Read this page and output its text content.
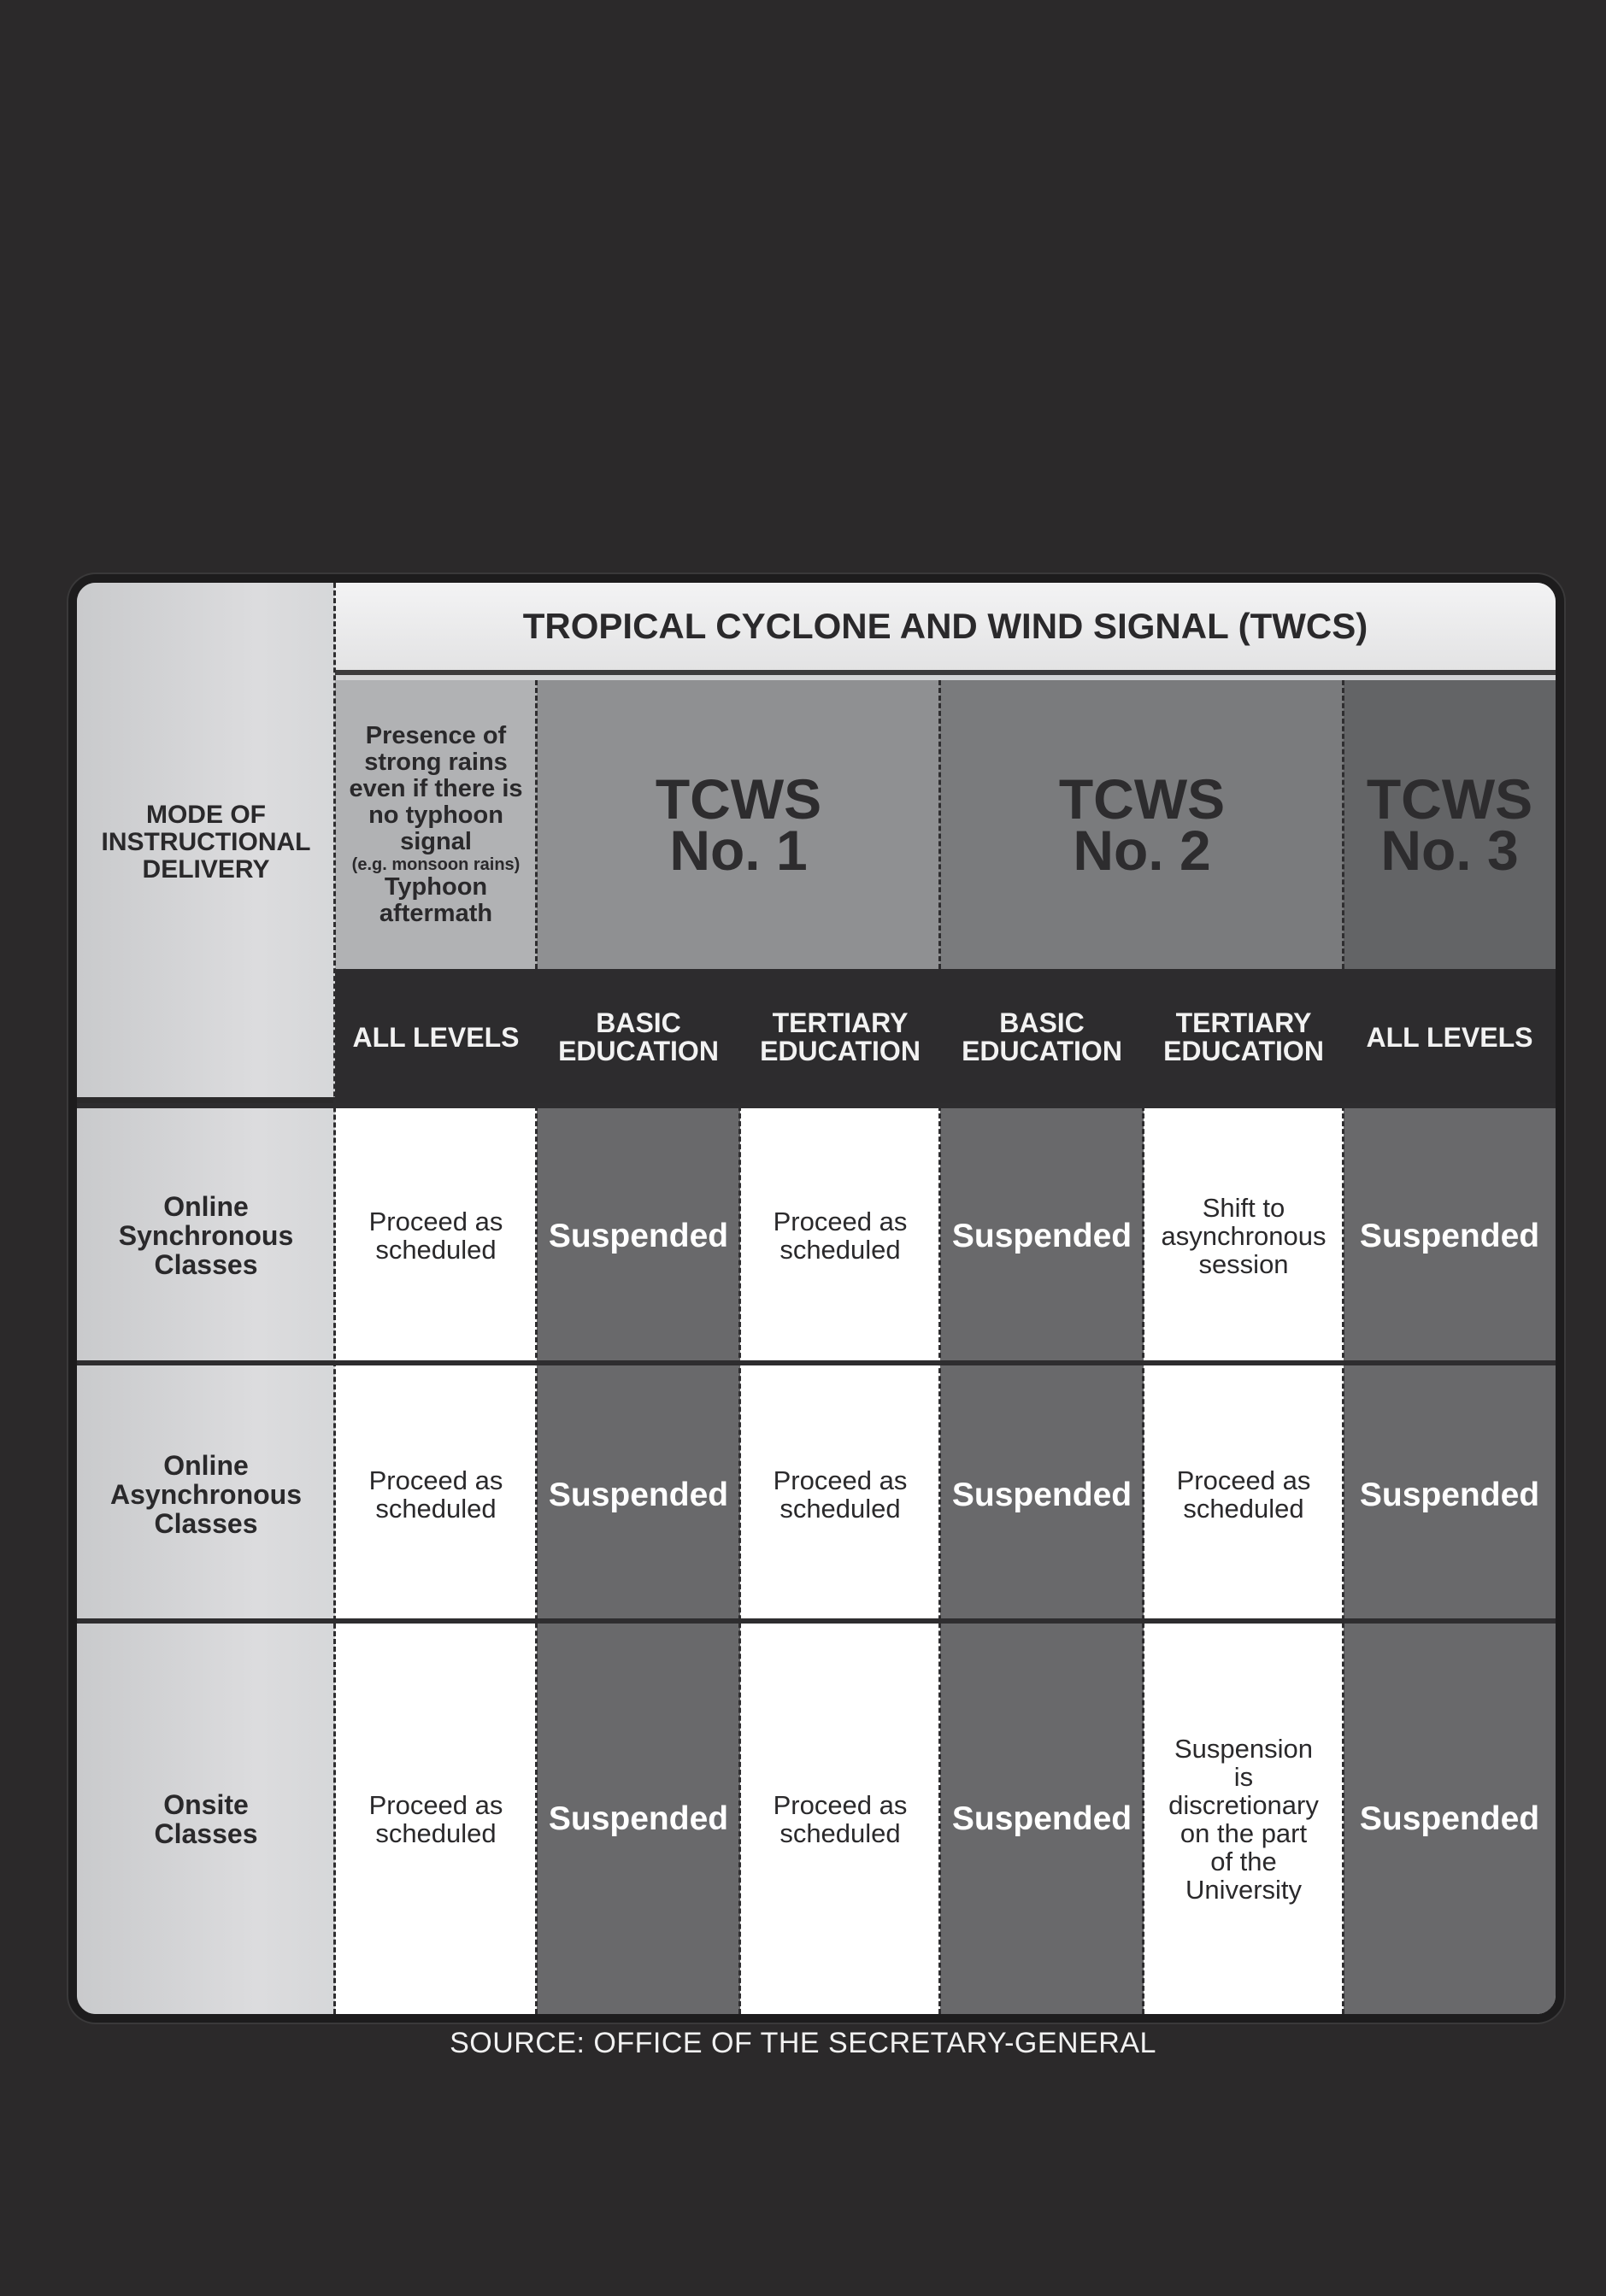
MODE OF
INSTRUCTIONAL
DELIVERY
TROPICAL CYCLONE AND WIND SIGNAL (TWCS)
Presence of
strong rains
even if there is
no typhoon
signal
(e.g. monsoon rains)
Typhoon
aftermath
TCWS
No. 1
TCWS
No. 2
TCWS
No. 3
ALL LEVELS	BASIC
EDUCATION
TERTIARY
EDUCATION
BASIC
EDUCATION
TERTIARY
EDUCATION ALL LEVELS
Online
Synchronous
Classes
Proceed as
scheduled Suspended Proceed as
scheduled Suspended
Shift to
asynchronous
session
Suspended
Online
Asynchronous
Classes
Proceed as
scheduled Suspended Proceed as
scheduled Suspended Proceed as
scheduled Suspended
Onsite
Classes
Proceed as
scheduled Suspended Proceed as
scheduled Suspended
Suspension
is
discretionary
on the part
of the
University
Suspended
SOURCE: OFFICE OF THE SECRETARY-GENERAL
